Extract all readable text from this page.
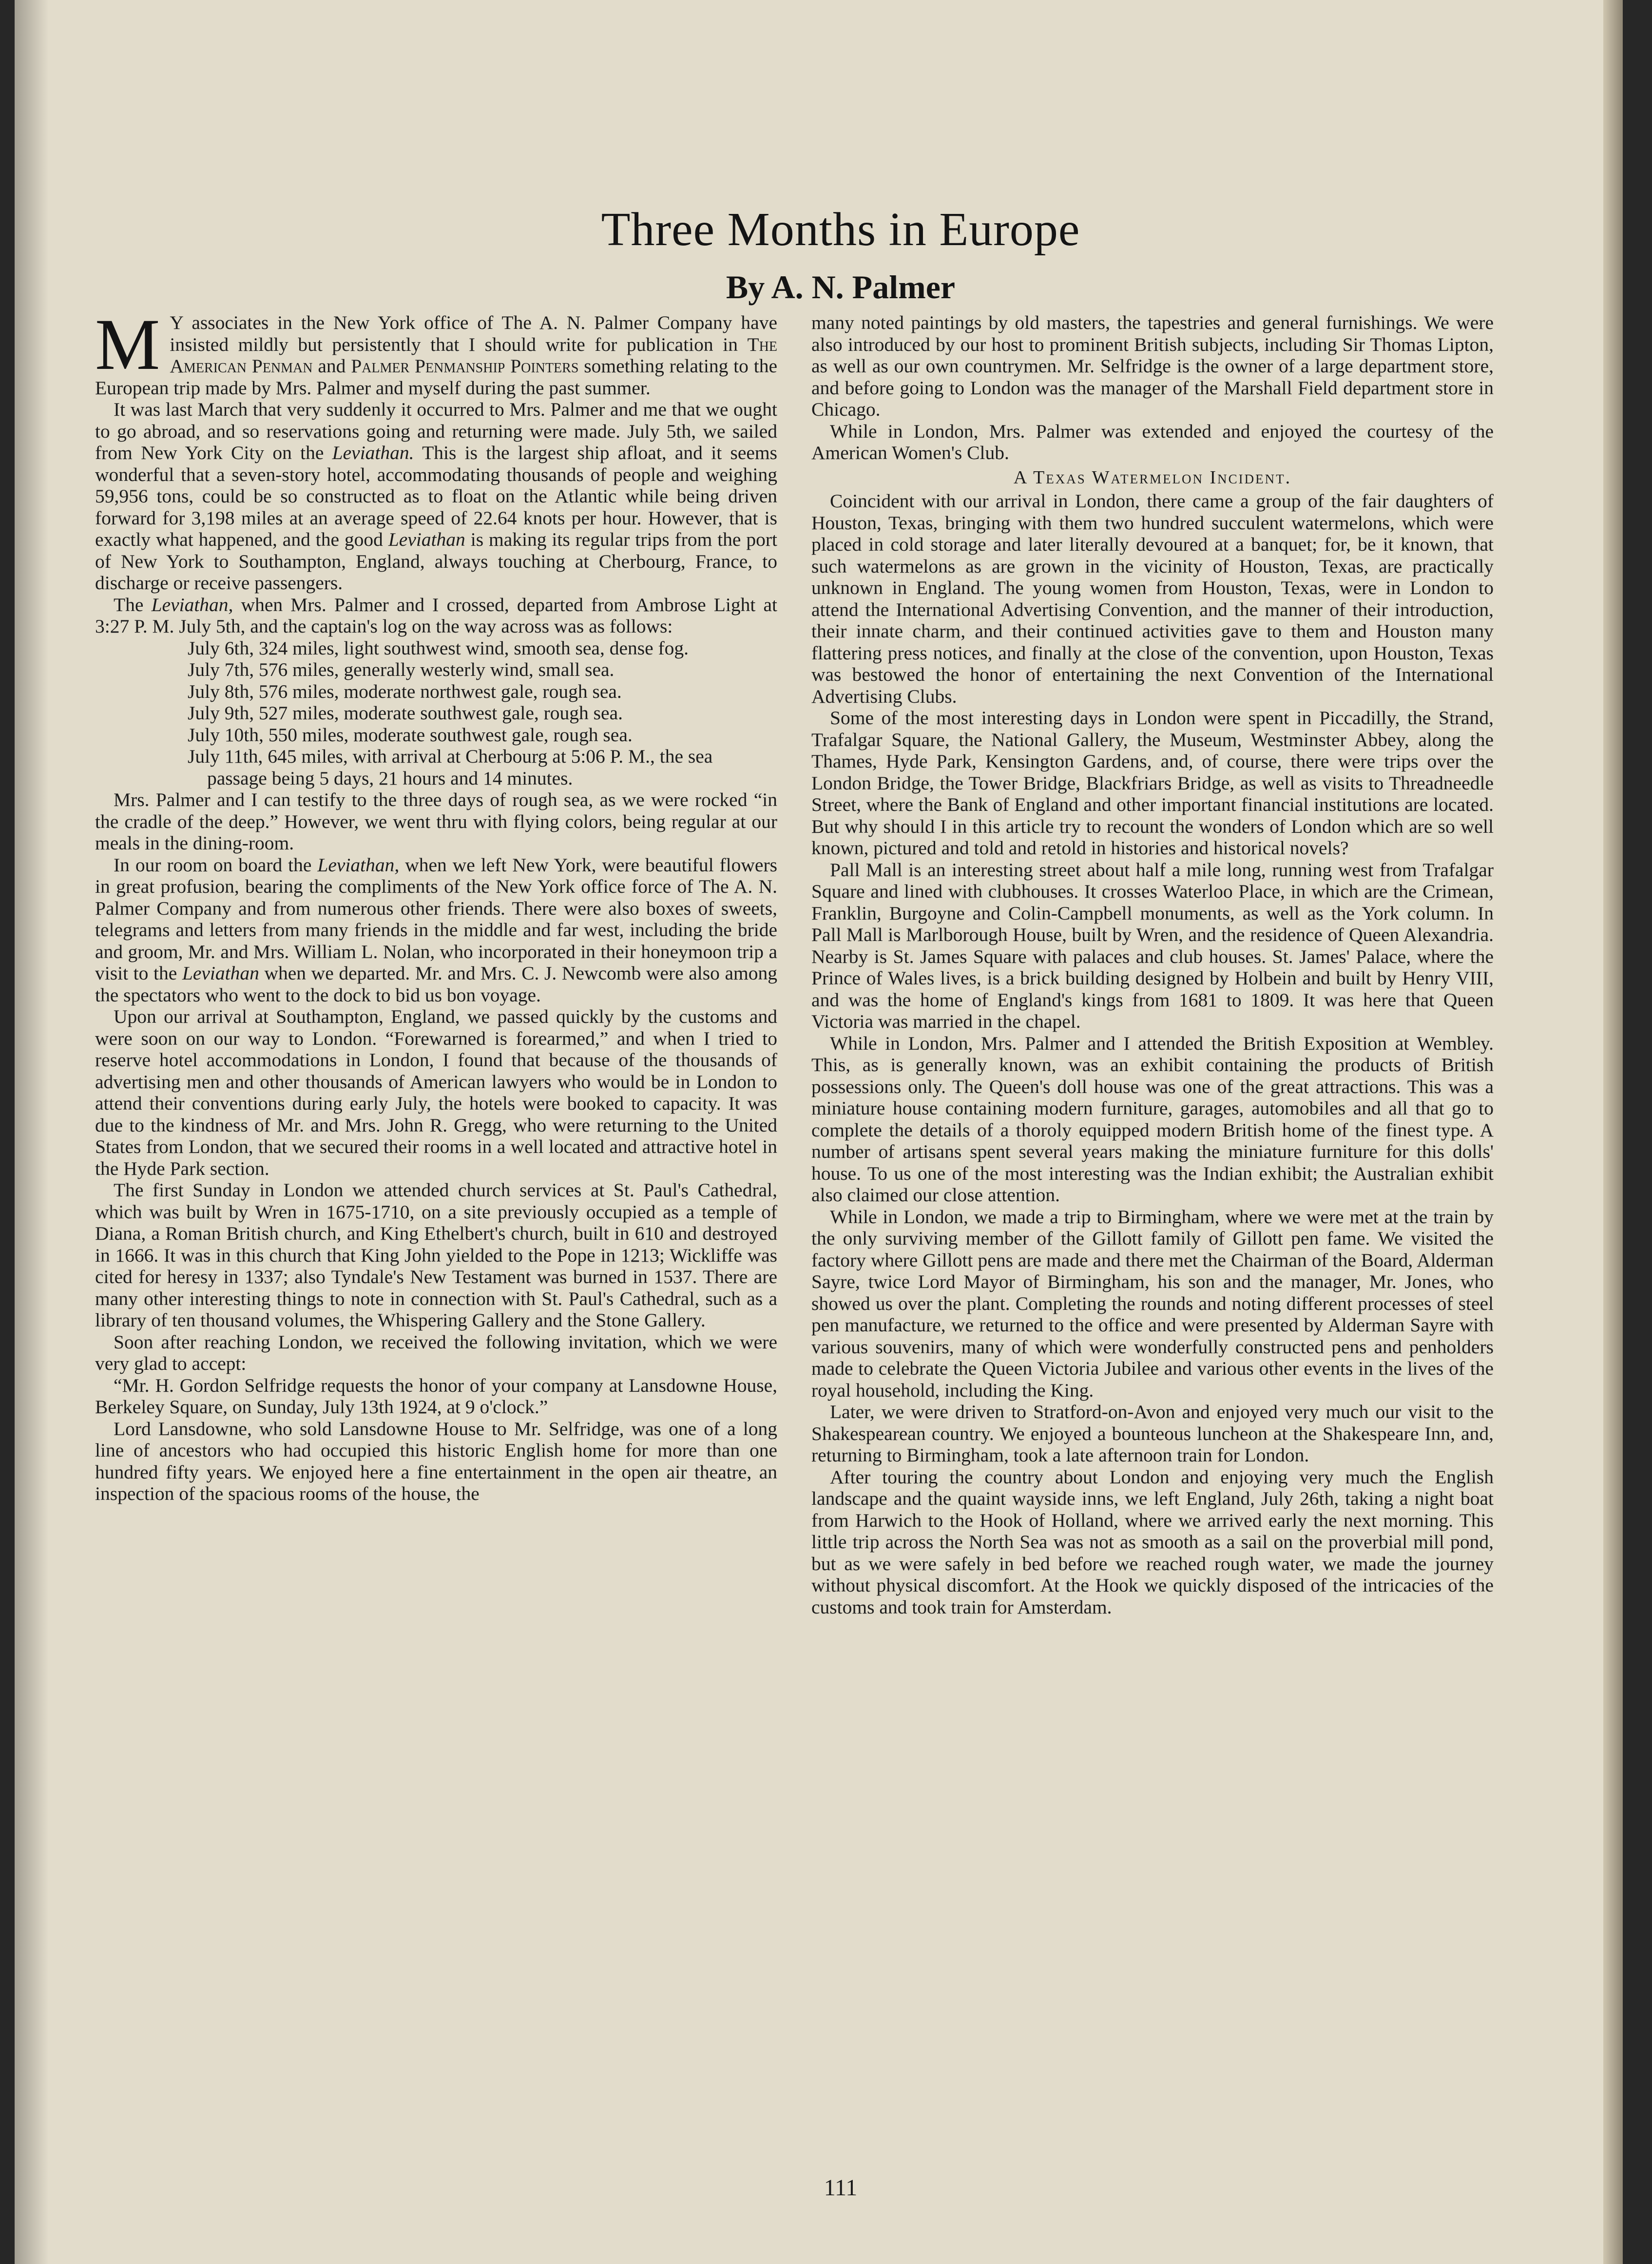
Three Months in Europe
By A. N. Palmer

M Y associates in the New York office of The A. N. Palmer Company have insisted mildly but persistently that I should write for publication in The American Penman and Palmer Penmanship Pointers something relating to the European trip made by Mrs. Palmer and myself during the past summer.

It was last March that very suddenly it occurred to Mrs. Palmer and me that we ought to go abroad, and so reservations going and returning were made. July 5th, we sailed from New York City on the Leviathan. This is the largest ship afloat, and it seems wonderful that a seven-story hotel, accommodating thousands of people and weighing 59,956 tons, could be so constructed as to float on the Atlantic while being driven forward for 3,198 miles at an average speed of 22.64 knots per hour. However, that is exactly what happened, and the good Leviathan is making its regular trips from the port of New York to Southampton, England, always touching at Cherbourg, France, to discharge or receive passengers.

The Leviathan, when Mrs. Palmer and I crossed, departed from Ambrose Light at 3:27 P. M. July 5th, and the captain's log on the way across was as follows:

July 6th, 324 miles, light southwest wind, smooth sea, dense fog.
July 7th, 576 miles, generally westerly wind, small sea.
July 8th, 576 miles, moderate northwest gale, rough sea.
July 9th, 527 miles, moderate southwest gale, rough sea.
July 10th, 550 miles, moderate southwest gale, rough sea.
July 11th, 645 miles, with arrival at Cherbourg at 5:06 P. M., the sea passage being 5 days, 21 hours and 14 minutes.

Mrs. Palmer and I can testify to the three days of rough sea, as we were rocked “in the cradle of the deep.” However, we went thru with flying colors, being regular at our meals in the dining-room.

In our room on board the Leviathan, when we left New York, were beautiful flowers in great profusion, bearing the compliments of the New York office force of The A. N. Palmer Company and from numerous other friends. There were also boxes of sweets, telegrams and letters from many friends in the middle and far west, including the bride and groom, Mr. and Mrs. William L. Nolan, who incorporated in their honeymoon trip a visit to the Leviathan when we departed. Mr. and Mrs. C. J. Newcomb were also among the spectators who went to the dock to bid us bon voyage.

Upon our arrival at Southampton, England, we passed quickly by the customs and were soon on our way to London. “Forewarned is forearmed,” and when I tried to reserve hotel accommodations in London, I found that because of the thousands of advertising men and other thousands of American lawyers who would be in London to attend their conventions during early July, the hotels were booked to capacity. It was due to the kindness of Mr. and Mrs. John R. Gregg, who were returning to the United States from London, that we secured their rooms in a well located and attractive hotel in the Hyde Park section.

The first Sunday in London we attended church services at St. Paul's Cathedral, which was built by Wren in 1675-1710, on a site previously occupied as a temple of Diana, a Roman British church, and King Ethelbert's church, built in 610 and destroyed in 1666. It was in this church that King John yielded to the Pope in 1213; Wickliffe was cited for heresy in 1337; also Tyndale's New Testament was burned in 1537. There are many other interesting things to note in connection with St. Paul's Cathedral, such as a library of ten thousand volumes, the Whispering Gallery and the Stone Gallery.

Soon after reaching London, we received the following invitation, which we were very glad to accept:

“Mr. H. Gordon Selfridge requests the honor of your company at Lansdowne House, Berkeley Square, on Sunday, July 13th 1924, at 9 o'clock.”

Lord Lansdowne, who sold Lansdowne House to Mr. Selfridge, was one of a long line of ancestors who had occupied this historic English home for more than one hundred fifty years. We enjoyed here a fine entertainment in the open air theatre, an inspection of the spacious rooms of the house, the

many noted paintings by old masters, the tapestries and general furnishings. We were also introduced by our host to prominent British subjects, including Sir Thomas Lipton, as well as our own countrymen. Mr. Selfridge is the owner of a large department store, and before going to London was the manager of the Marshall Field department store in Chicago.

While in London, Mrs. Palmer was extended and enjoyed the courtesy of the American Women's Club.

A Texas Watermelon Incident.

Coincident with our arrival in London, there came a group of the fair daughters of Houston, Texas, bringing with them two hundred succulent watermelons, which were placed in cold storage and later literally devoured at a banquet; for, be it known, that such watermelons as are grown in the vicinity of Houston, Texas, are practically unknown in England. The young women from Houston, Texas, were in London to attend the International Advertising Convention, and the manner of their introduction, their innate charm, and their continued activities gave to them and Houston many flattering press notices, and finally at the close of the convention, upon Houston, Texas was bestowed the honor of entertaining the next Convention of the International Advertising Clubs.

Some of the most interesting days in London were spent in Piccadilly, the Strand, Trafalgar Square, the National Gallery, the Museum, Westminster Abbey, along the Thames, Hyde Park, Kensington Gardens, and, of course, there were trips over the London Bridge, the Tower Bridge, Blackfriars Bridge, as well as visits to Threadneedle Street, where the Bank of England and other important financial institutions are located. But why should I in this article try to recount the wonders of London which are so well known, pictured and told and retold in histories and historical novels?

Pall Mall is an interesting street about half a mile long, running west from Trafalgar Square and lined with clubhouses. It crosses Waterloo Place, in which are the Crimean, Franklin, Burgoyne and Colin-Campbell monuments, as well as the York column. In Pall Mall is Marlborough House, built by Wren, and the residence of Queen Alexandria. Nearby is St. James Square with palaces and club houses. St. James' Palace, where the Prince of Wales lives, is a brick building designed by Holbein and built by Henry VIII, and was the home of England's kings from 1681 to 1809. It was here that Queen Victoria was married in the chapel.

While in London, Mrs. Palmer and I attended the British Exposition at Wembley. This, as is generally known, was an exhibit containing the products of British possessions only. The Queen's doll house was one of the great attractions. This was a miniature house containing modern furniture, garages, automobiles and all that go to complete the details of a thoroly equipped modern British home of the finest type. A number of artisans spent several years making the miniature furniture for this dolls' house. To us one of the most interesting was the Indian exhibit; the Australian exhibit also claimed our close attention.

While in London, we made a trip to Birmingham, where we were met at the train by the only surviving member of the Gillott family of Gillott pen fame. We visited the factory where Gillott pens are made and there met the Chairman of the Board, Alderman Sayre, twice Lord Mayor of Birmingham, his son and the manager, Mr. Jones, who showed us over the plant. Completing the rounds and noting different processes of steel pen manufacture, we returned to the office and were presented by Alderman Sayre with various souvenirs, many of which were wonderfully constructed pens and penholders made to celebrate the Queen Victoria Jubilee and various other events in the lives of the royal household, including the King.

Later, we were driven to Stratford-on-Avon and enjoyed very much our visit to the Shakespearean country. We enjoyed a bounteous luncheon at the Shakespeare Inn, and, returning to Birmingham, took a late afternoon train for London.

After touring the country about London and enjoying very much the English landscape and the quaint wayside inns, we left England, July 26th, taking a night boat from Harwich to the Hook of Holland, where we arrived early the next morning. This little trip across the North Sea was not as smooth as a sail on the proverbial mill pond, but as we were safely in bed before we reached rough water, we made the journey without physical discomfort. At the Hook we quickly disposed of the intricacies of the customs and took train for Amsterdam.

111
